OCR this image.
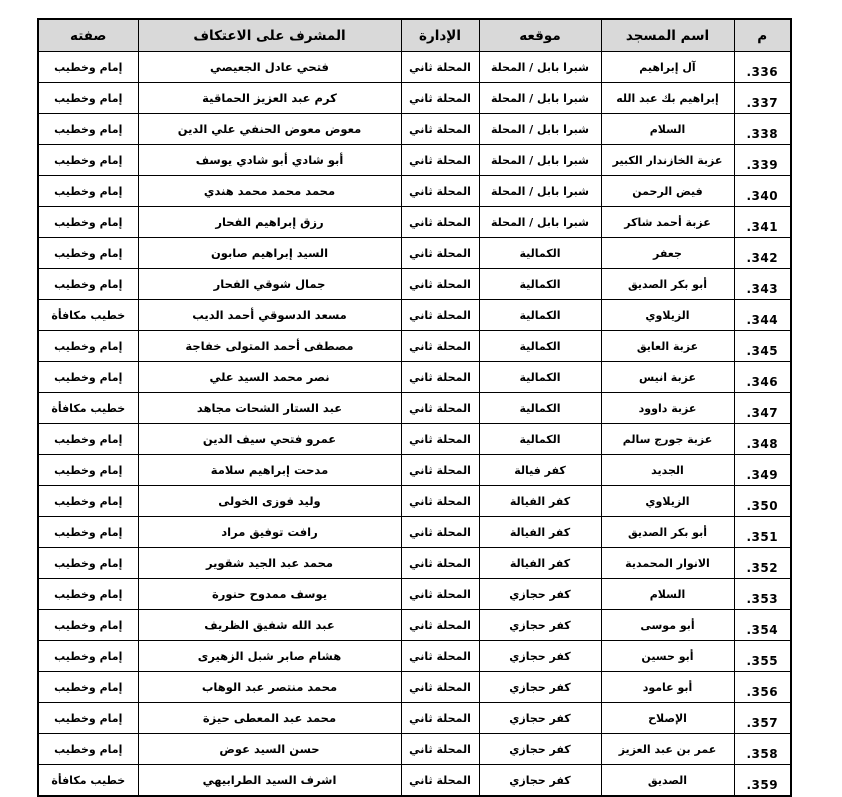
م	اسم المسجد	موقعه	الإدارة	المشرف على الاعتكاف	صفته
.336	آل إبراهيم	شبرا بابل / المحلة	المحلة ثاني	فتحي عادل الجعيصي	إمام وخطيب
.337	إبراهيم بك عبد الله	شبرا بابل / المحلة	المحلة ثاني	كرم عبد العزيز الحماقية	إمام وخطيب
.338	السلام	شبرا بابل / المحلة	المحلة ثاني	معوض معوض الحنفي علي الدين	إمام وخطيب
.339	عزبة الخازندار الكبير	شبرا بابل / المحلة	المحلة ثاني	أبو شادي أبو شادي يوسف	إمام وخطيب
.340	فيض الرحمن	شبرا بابل / المحلة	المحلة ثاني	محمد محمد محمد هندي	إمام وخطيب
.341	عزبة أحمد شاكر	شبرا بابل / المحلة	المحلة ثاني	رزق إبراهيم الفحار	إمام وخطيب
.342	جعفر	الكمالية	المحلة ثاني	السيد إبراهيم صابون	إمام وخطيب
.343	أبو بكر الصديق	الكمالية	المحلة ثاني	جمال شوقي الفحار	إمام وخطيب
.344	الزيلاوي	الكمالية	المحلة ثاني	مسعد الدسوقي أحمد الديب	خطيب مكافأة
.345	عزبة العايق	الكمالية	المحلة ثاني	مصطفى أحمد المتولى خفاجة	إمام وخطيب
.346	عزبة انيس	الكمالية	المحلة ثاني	نصر محمد السيد علي	إمام وخطيب
.347	عزبة داوود	الكمالية	المحلة ثاني	عبد الستار الشحات مجاهد	خطيب مكافأة
.348	عزبة جورج سالم	الكمالية	المحلة ثاني	عمرو فتحي سيف الدين	إمام وخطيب
.349	الجديد	كفر فيالة	المحلة ثاني	مدحت إبراهيم سلامة	إمام وخطيب
.350	الزيلاوي	كفر الفيالة	المحلة ثاني	وليد فوزى الخولى	إمام وخطيب
.351	أبو بكر الصديق	كفر الفيالة	المحلة ثاني	رافت توفيق مراد	إمام وخطيب
.352	الانوار المحمدية	كفر الفيالة	المحلة ثاني	محمد عبد الجيد شقوير	إمام وخطيب
.353	السلام	كفر حجازي	المحلة ثاني	يوسف ممدوح حنورة	إمام وخطيب
.354	أبو موسى	كفر حجازي	المحلة ثاني	عبد الله شفيق الظريف	إمام وخطيب
.355	أبو حسين	كفر حجازي	المحلة ثاني	هشام صابر شبل الزهيرى	إمام وخطيب
.356	أبو عامود	كفر حجازي	المحلة ثاني	محمد منتصر عبد الوهاب	إمام وخطيب
.357	الإصلاح	كفر حجازي	المحلة ثاني	محمد عبد المعطى حيزة	إمام وخطيب
.358	عمر بن عبد العزيز	كفر حجازي	المحلة ثاني	حسن السيد عوض	إمام وخطيب
.359	الصديق	كفر حجازي	المحلة ثاني	اشرف السيد الطرابيهي	خطيب مكافأة
